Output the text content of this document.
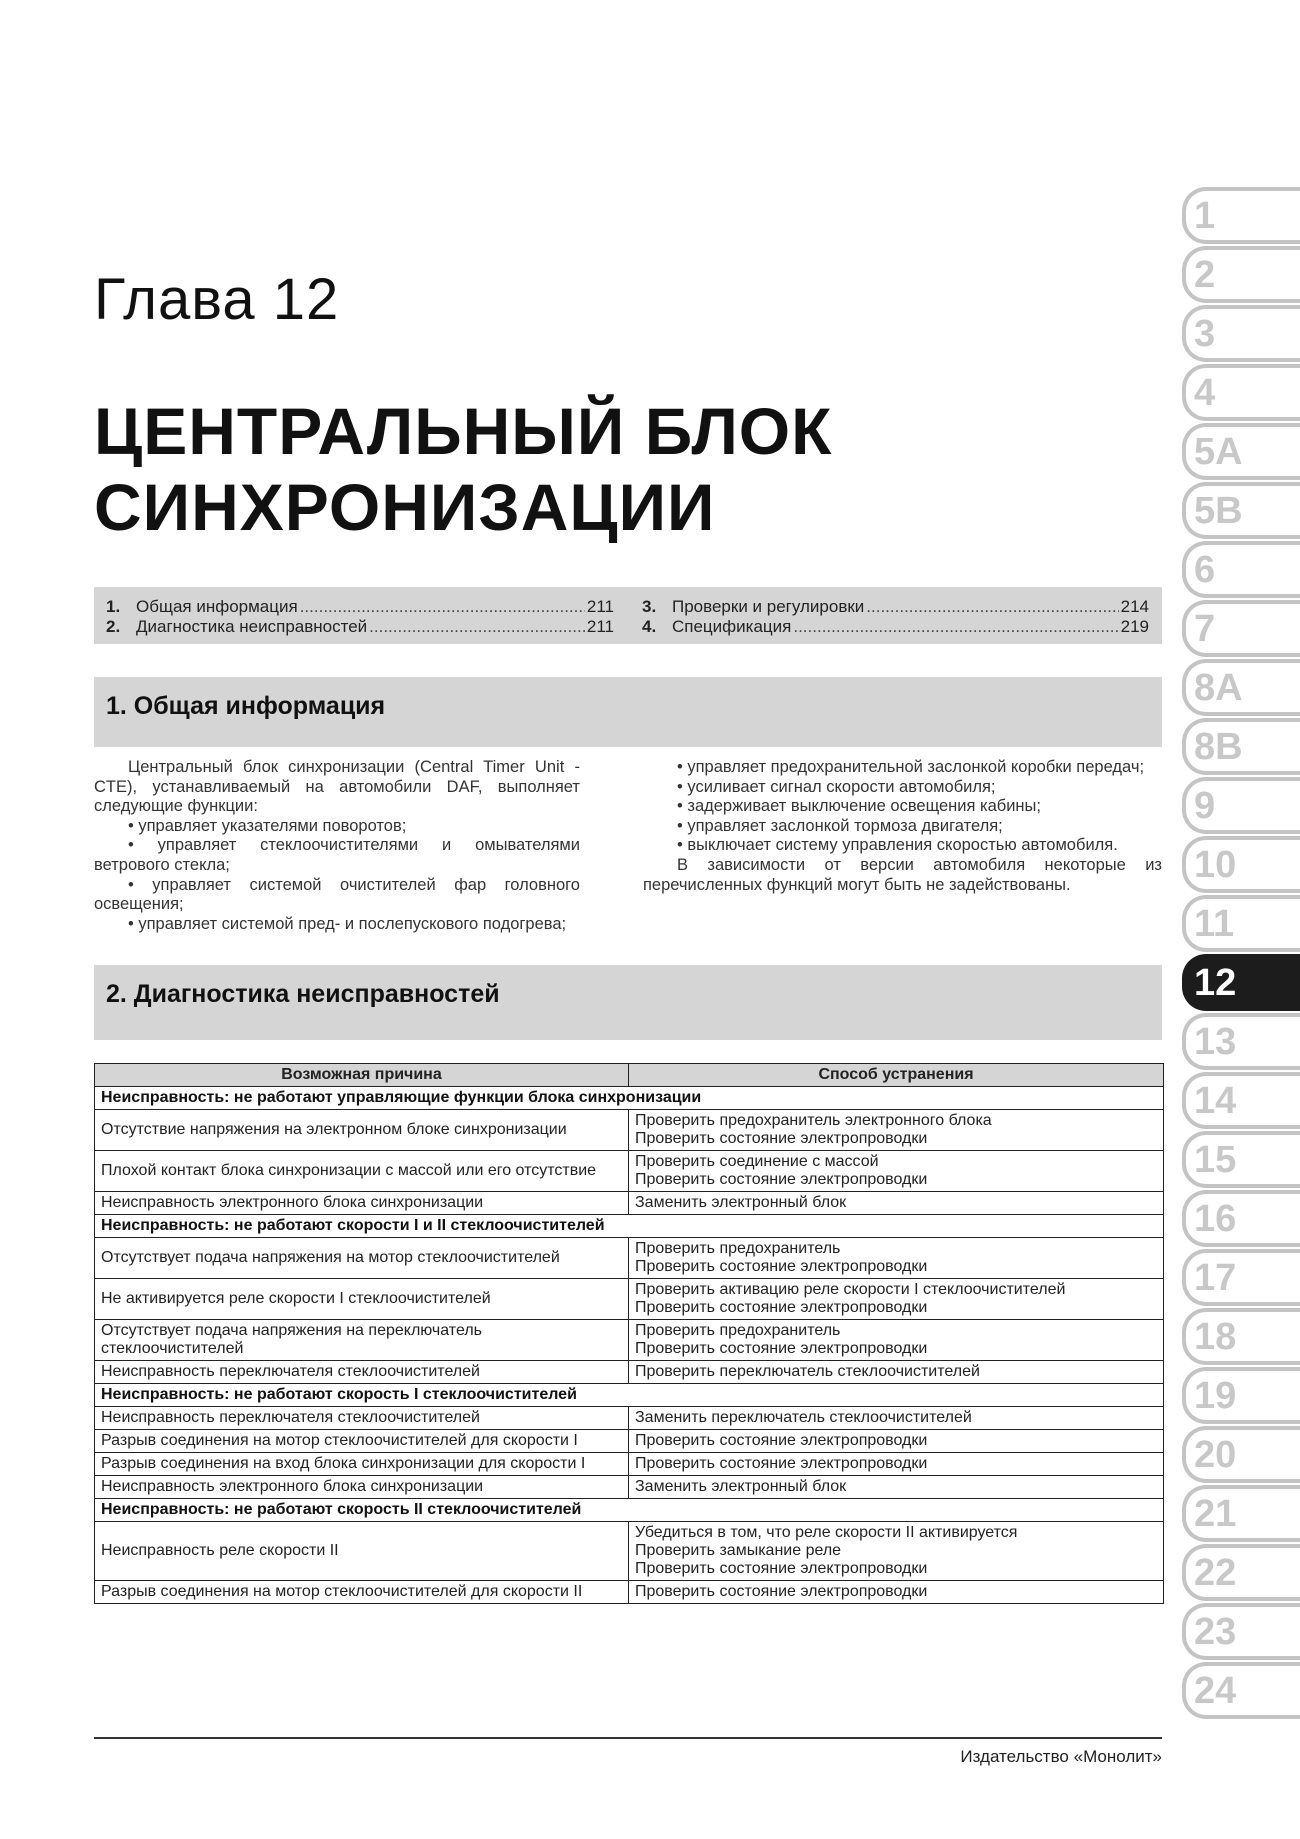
Глава 12
ЦЕНТРАЛЬНЫЙ БЛОК
СИНХРОНИЗАЦИИ
1. Общая информация .....	211
2. Диагностика неисправностей .....	211
3. Проверки и регулировки .....	214
4. Спецификация .....	219
1. Общая информация

Центральный блок синхронизации (Central Timer Unit - CTE), устанавливаемый на автомобили DAF, выполняет следующие функции:

• управляет указателями поворотов;

• управляет стеклоочистителями и омывателями ветрового стекла;

• управляет системой очистителей фар головного освещения;

• управляет системой пред- и послепускового подогрева;

• управляет предохранительной заслонкой коробки передач;

• усиливает сигнал скорости автомобиля;

• задерживает выключение освещения кабины;

• управляет заслонкой тормоза двигателя;

• выключает систему управления скоростью автомобиля.

В зависимости от версии автомобиля некоторые из перечисленных функций могут быть не задействованы.

2. Диагностика неисправностей
Возможная причина	Способ устранения
Неисправность: не работают управляющие функции блока синхронизации	
Отсутствие напряжения на электронном блоке синхронизации	Проверить предохранитель электронного блока
Проверить состояние электропроводки

Плохой контакт блока синхронизации с массой или его отсутствие	Проверить соединение с массой
Проверить состояние электропроводки

Неисправность электронного блока синхронизации	Заменить электронный блок

Неисправность: не работают скорости I и II стеклоочистителей	
Отсутствует подача напряжения на мотор стеклоочистителей	Проверить предохранитель
Проверить состояние электропроводки

Не активируется реле скорости I стеклоочистителей	Проверить активацию реле скорости I стеклоочистителей
Проверить состояние электропроводки

Отсутствует подача напряжения на переключатель стеклоочистителей	Проверить предохранитель
Проверить состояние электропроводки

Неисправность переключателя стеклоочистителей	Проверить переключатель стеклоочистителей

Неисправность: не работают скорость I стеклоочистителей	
Неисправность переключателя стеклоочистителей	Заменить переключатель стеклоочистителей

Разрыв соединения на мотор стеклоочистителей для скорости I	Проверить состояние электропроводки

Разрыв соединения на вход блока синхронизации для скорости I	Проверить состояние электропроводки

Неисправность электронного блока синхронизации	Заменить электронный блок

Неисправность: не работают скорость II стеклоочистителей	
Неисправность реле скорости II	Убедиться в том, что реле скорости II активируется
Проверить замыкание реле
Проверить состояние электропроводки

Разрыв соединения на мотор стеклоочистителей для скорости II	Проверить состояние электропроводки
Издательство «Монолит»
1
2
3
4
5A
5B
6
7
8A
8B
9
10
11
12
13
14
15
16
17
18
19
20
21
22
23
24
